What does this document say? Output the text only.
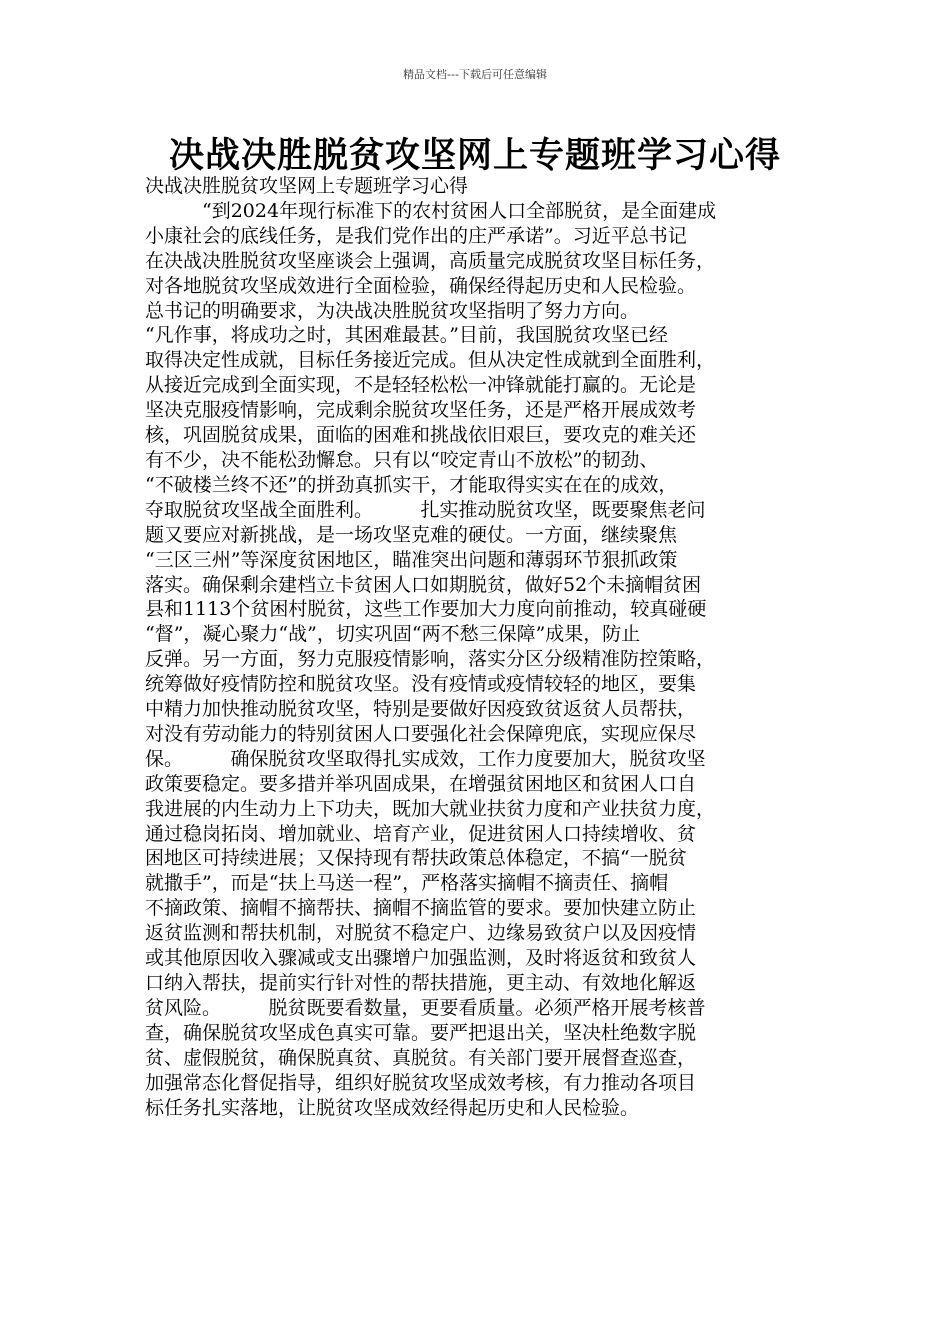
精品文档---下载后可任意编辑
决战决胜脱贫攻坚网上专题班学习心得

决战决胜脱贫攻坚网上专题班学习心得

　　　“到2024年现行标准下的农村贫困人口全部脱贫，是全面建成

小康社会的底线任务，是我们党作出的庄严承诺”。习近平总书记

在决战决胜脱贫攻坚座谈会上强调，高质量完成脱贫攻坚目标任务，

对各地脱贫攻坚成效进行全面检验，确保经得起历史和人民检验。

总书记的明确要求，为决战决胜脱贫攻坚指明了努力方向。

“凡作事，将成功之时，其困难最甚。”目前，我国脱贫攻坚已经

取得决定性成就，目标任务接近完成。但从决定性成就到全面胜利，

从接近完成到全面实现，不是轻轻松松一冲锋就能打赢的。无论是

坚决克服疫情影响，完成剩余脱贫攻坚任务，还是严格开展成效考

核，巩固脱贫成果，面临的困难和挑战依旧艰巨，要攻克的难关还

有不少，决不能松劲懈怠。只有以“咬定青山不放松”的韧劲、

“不破楼兰终不还”的拼劲真抓实干，才能取得实实在在的成效，

夺取脱贫攻坚战全面胜利。　　　扎实推动脱贫攻坚，既要聚焦老问

题又要应对新挑战，是一场攻坚克难的硬仗。一方面，继续聚焦

“三区三州”等深度贫困地区，瞄准突出问题和薄弱环节狠抓政策

落实。确保剩余建档立卡贫困人口如期脱贫，做好52个未摘帽贫困

县和1113个贫困村脱贫，这些工作要加大力度向前推动，较真碰硬

“督”，凝心聚力“战”，切实巩固“两不愁三保障”成果，防止

反弹。另一方面，努力克服疫情影响，落实分区分级精准防控策略，

统筹做好疫情防控和脱贫攻坚。没有疫情或疫情较轻的地区，要集

中精力加快推动脱贫攻坚，特别是要做好因疫致贫返贫人员帮扶，

对没有劳动能力的特别贫困人口要强化社会保障兜底，实现应保尽

保。　　　确保脱贫攻坚取得扎实成效，工作力度要加大，脱贫攻坚

政策要稳定。要多措并举巩固成果，在增强贫困地区和贫困人口自

我进展的内生动力上下功夫，既加大就业扶贫力度和产业扶贫力度，

通过稳岗拓岗、增加就业、培育产业，促进贫困人口持续增收、贫

困地区可持续进展；又保持现有帮扶政策总体稳定，不搞“一脱贫

就撒手”，而是“扶上马送一程”，严格落实摘帽不摘责任、摘帽

不摘政策、摘帽不摘帮扶、摘帽不摘监管的要求。要加快建立防止

返贫监测和帮扶机制，对脱贫不稳定户、边缘易致贫户以及因疫情

或其他原因收入骤减或支出骤增户加强监测，及时将返贫和致贫人

口纳入帮扶，提前实行针对性的帮扶措施，更主动、有效地化解返

贫风险。　　　脱贫既要看数量，更要看质量。必须严格开展考核普

查，确保脱贫攻坚成色真实可靠。要严把退出关，坚决杜绝数字脱

贫、虚假脱贫，确保脱真贫、真脱贫。有关部门要开展督查巡查，

加强常态化督促指导，组织好脱贫攻坚成效考核，有力推动各项目

标任务扎实落地，让脱贫攻坚成效经得起历史和人民检验。
